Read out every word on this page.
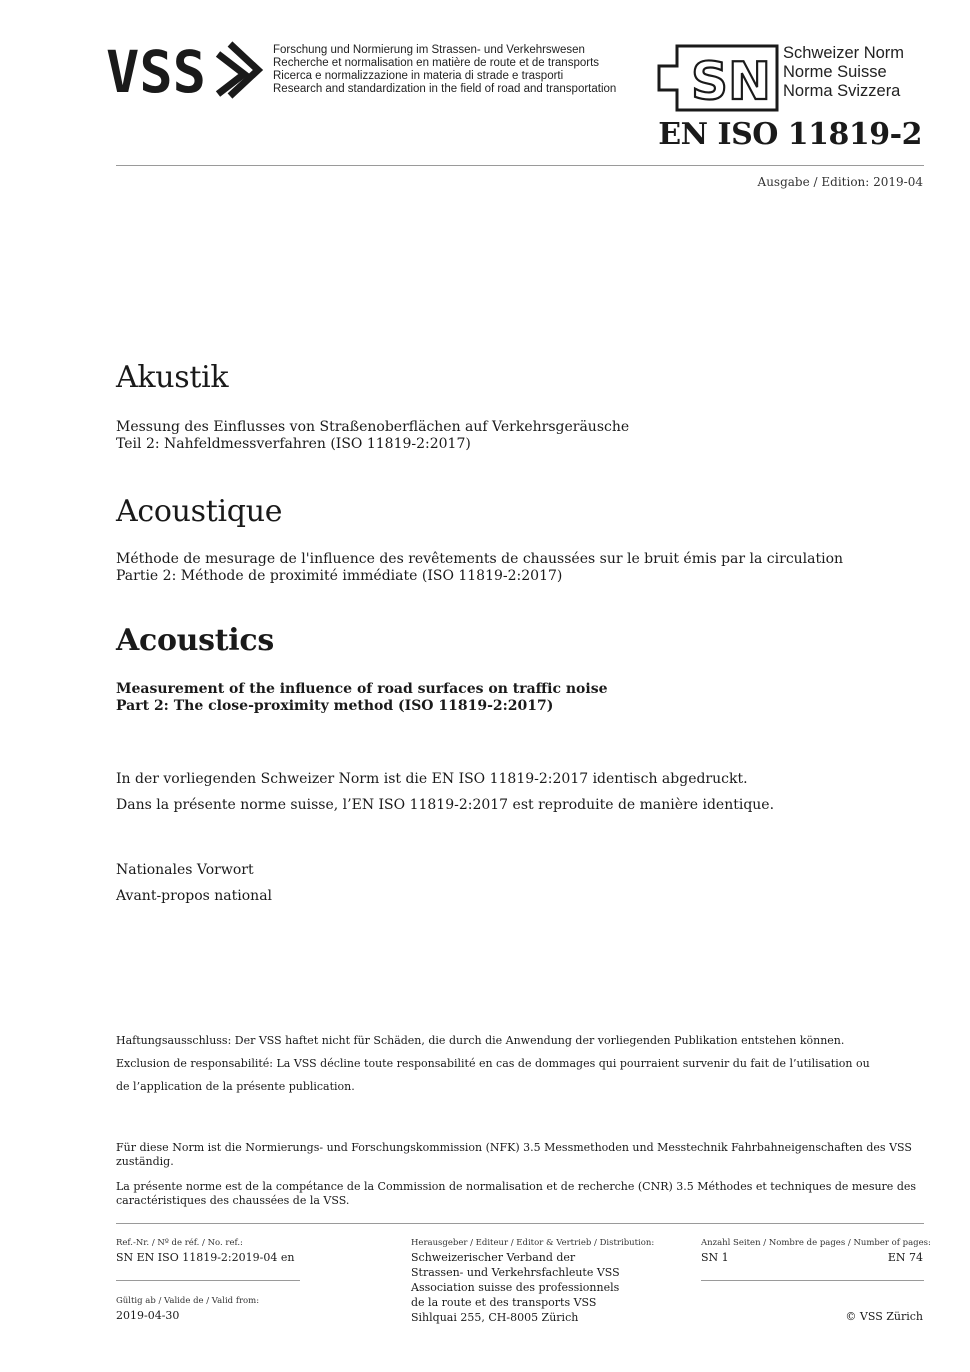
VSS	Forschung und Normierung im Strassen- und Verkehrswesen
Recherche et normalisation en matière de route et de transports
Ricerca e normalizzazione in materia di strade e trasporti
Research and standardization in the field of road and transportation SN Schweizer Norm
Norme Suisse
Norma Svizzera
EN ISO 11819-2
Ausgabe / Edition: 2019-04
Akustik
Messung des Einflusses von Straßenoberflächen auf Verkehrsgeräusche
Teil 2: Nahfeldmessverfahren (ISO 11819-2:2017)
Acoustique
Méthode de mesurage de l'influence des revêtements de chaussées sur le bruit émis par la circulation
Partie 2: Méthode de proximité immédiate (ISO 11819-2:2017)
Acoustics
Measurement of the influence of road surfaces on traffic noise
Part 2: The close-proximity method (ISO 11819-2:2017)
In der vorliegenden Schweizer Norm ist die EN ISO 11819-2:2017 identisch abgedruckt.
Dans la présente norme suisse, l’EN ISO 11819-2:2017 est reproduite de manière identique.
Nationales Vorwort
Avant-propos national
Haftungsausschluss: Der VSS haftet nicht für Schäden, die durch die Anwendung der vorliegenden Publikation entstehen können.
Exclusion de responsabilité: La VSS décline toute responsabilité en cas de dommages qui pourraient survenir du fait de l’utilisation ou
de l’application de la présente publication.
Für diese Norm ist die Normierungs- und Forschungskommission (NFK) 3.5 Messmethoden und Messtechnik Fahrbahneigenschaften des VSS zuständig.
La présente norme est de la compétance de la Commission de normalisation et de recherche (CNR) 3.5 Méthodes et techniques de mesure des caractéristiques des chaussées de la VSS.
Ref.-Nr. / Nº de réf. / No. ref.:
SN EN ISO 11819-2:2019-04 en
Gültig ab / Valide de / Valid from:
2019-04-30
Herausgeber / Editeur / Editor & Vertrieb / Distribution:
Schweizerischer Verband der
Strassen- und Verkehrsfachleute VSS
Association suisse des professionnels
de la route et des transports VSS
Sihlquai 255, CH-8005 Zürich
Anzahl Seiten / Nombre de pages / Number of pages:
SN 1	EN 74
© VSS Zürich
